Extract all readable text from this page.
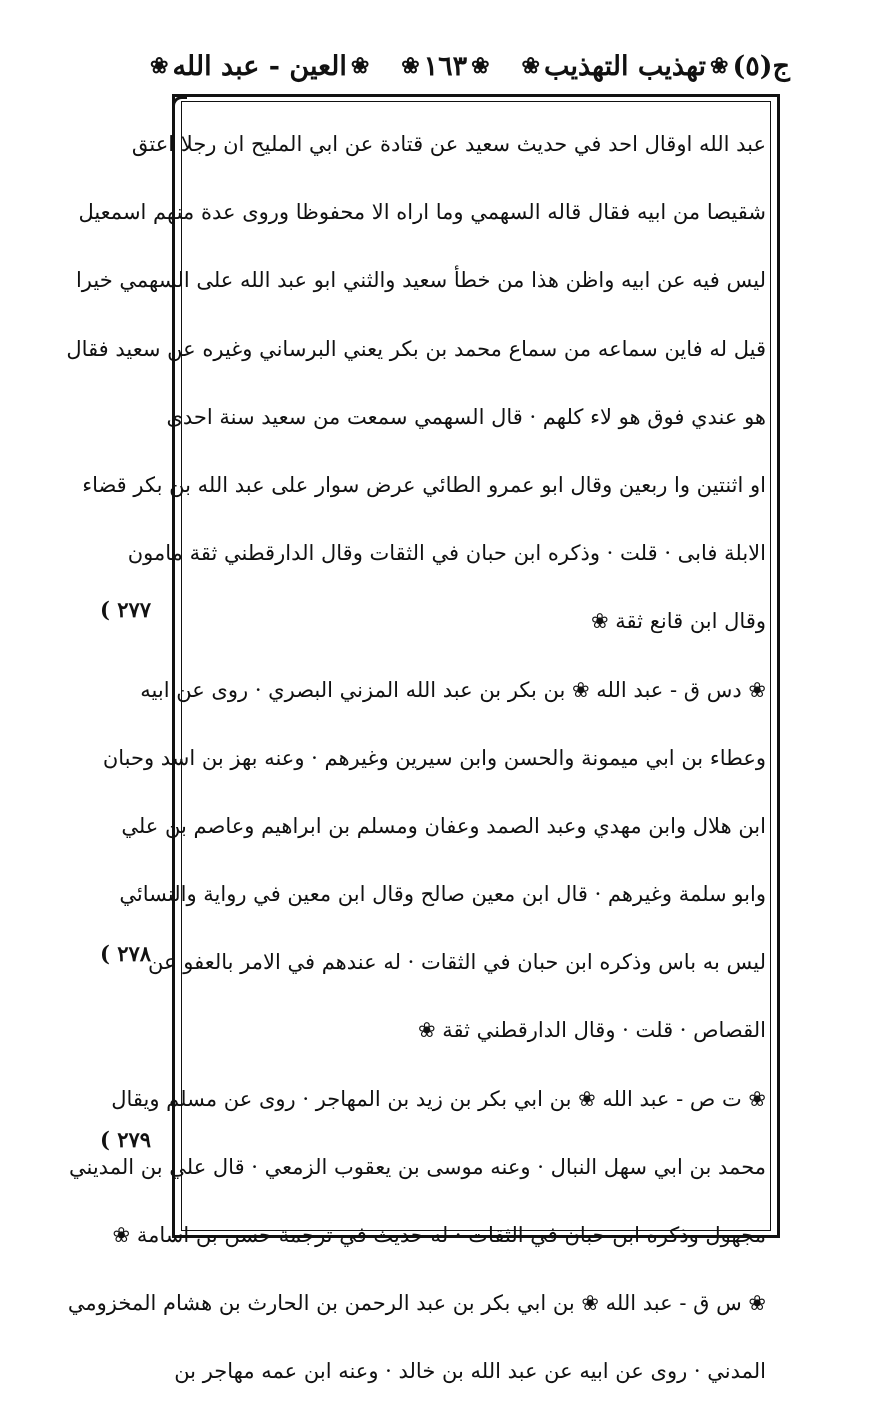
ج(٥)
❀
تهذيب التهذيب
❀
❀
١٦٣
❀
❀
العين - عبد الله
❀
عبد الله اوقال احد في حديث سعيد عن قتادة عن ابي المليح ان رجلا اعتق
شقيصا من ابيه فقال قاله السهمي وما اراه الا محفوظا وروى عدة منهم اسمعيل
ليس فيه عن ابيه واظن هذا من خطأ سعيد والثني ابو عبد الله على السهمي خيرا
قيل له فاين سماعه من سماع محمد بن بكر يعني البرساني وغيره عن سعيد فقال
هو عندي فوق هو لاء كلهم · قال السهمي سمعت من سعيد سنة احدى
او اثنتين وا ربعين وقال ابو عمرو الطائي عرض سوار على عبد الله بن بكر قضاء
الابلة فابى · قلت · وذكره ابن حبان في الثقات وقال الدارقطني ثقة مامون
وقال ابن قانع ثقة ❀
❀ دس ق - عبد الله ❀ بن بكر بن عبد الله المزني البصري · روى عن ابيه
وعطاء بن ابي ميمونة والحسن وابن سيرين وغيرهم · وعنه بهز بن اسد وحبان
ابن هلال وابن مهدي وعبد الصمد وعفان ومسلم بن ابراهيم وعاصم بن علي
وابو سلمة وغيرهم · قال ابن معين صالح وقال ابن معين في رواية والنسائي
ليس به باس وذكره ابن حبان في الثقات · له عندهم في الامر بالعفو عن
القصاص · قلت · وقال الدارقطني ثقة ❀
❀ ت ص - عبد الله ❀ بن ابي بكر بن زيد بن المهاجر · روى عن مسلم ويقال
محمد بن ابي سهل النبال · وعنه موسى بن يعقوب الزمعي · قال علي بن المديني
مجهول وذكره ابن حبان في الثقات · له حديث في ترجمة حسن بن اسامة ❀
❀ س ق - عبد الله ❀ بن ابي بكر بن عبد الرحمن بن الحارث بن هشام المخزومي
المدني · روى عن ابيه عن عبد الله بن خالد · وعنه ابن عمه مهاجر بن
( ٢٧٧
( ٢٧٨
( ٢٧٩
